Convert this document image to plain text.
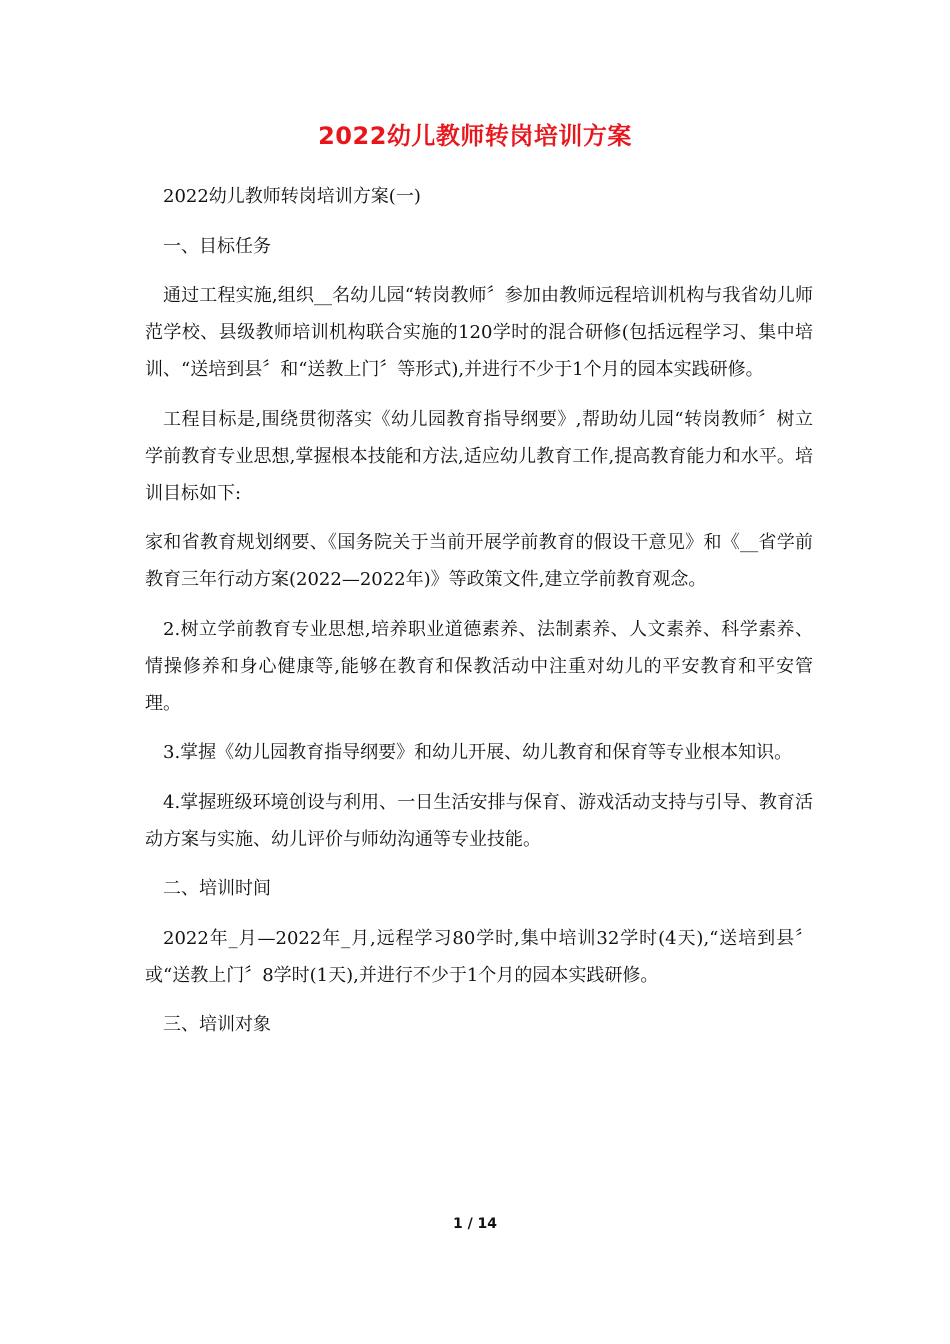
2022幼儿教师转岗培训方案

2022幼儿教师转岗培训方案(一)

一、目标任务

通过工程实施,组织__名幼儿园“转岗教师〞参加由教师远程培训机构与我省幼儿师范学校、县级教师培训机构联合实施的120学时的混合研修(包括远程学习、集中培训、“送培到县〞和“送教上门〞等形式),并进行不少于1个月的园本实践研修。

工程目标是,围绕贯彻落实《幼儿园教育指导纲要》,帮助幼儿园“转岗教师〞树立学前教育专业思想,掌握根本技能和方法,适应幼儿教育工作,提高教育能力和水平。培训目标如下:

家和省教育规划纲要、《国务院关于当前开展学前教育的假设干意见》和《__省学前教育三年行动方案(2022—2022年)》等政策文件,建立学前教育观念。

2.树立学前教育专业思想,培养职业道德素养、法制素养、人文素养、科学素养、情操修养和身心健康等,能够在教育和保教活动中注重对幼儿的平安教育和平安管理。

3.掌握《幼儿园教育指导纲要》和幼儿开展、幼儿教育和保育等专业根本知识。

4.掌握班级环境创设与利用、一日生活安排与保育、游戏活动支持与引导、教育活动方案与实施、幼儿评价与师幼沟通等专业技能。

二、培训时间

2022年_月—2022年_月,远程学习80学时,集中培训32学时(4天),“送培到县〞或“送教上门〞8学时(1天),并进行不少于1个月的园本实践研修。

三、培训对象

1 / 14
